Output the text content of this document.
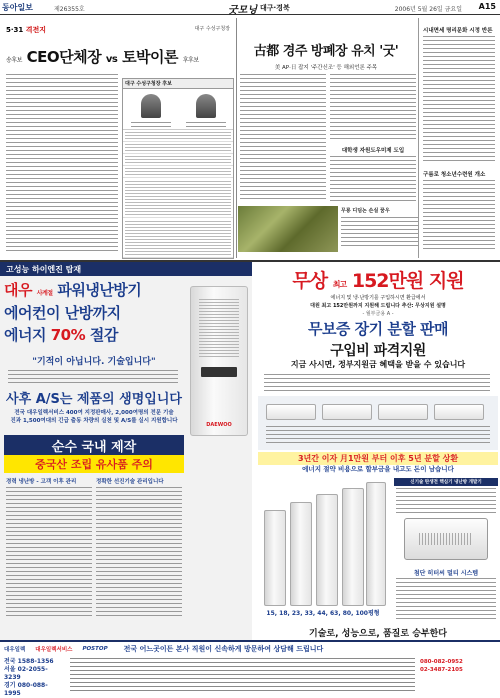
동아일보	제26355호	굿모닝 대구·경북	2006년 5월 26일 금요일 A15
5·31 격전지	대구 수성구청장
송후보 CEO단체장 vs 토박이론 후후보
대구 수성구청장 후보
古都 경주 방폐장 유치 '굿'
美 AP·日 잡지 '주간신조' 등 해외언론 주목
대학생 자원도우미제 도입
무릉 디딤논 손실 꿈우
시내면세 명리문화 시정 반론
구름로 청소년수련원 개소
고성능 하이엔진 탑재
대우 사계절 파워냉난방기
에어컨이 난방까지
에너지 70% 절감
"기적이 아닙니다. 기술입니다"
사후 A/S는 제품의 생명입니다
전국 대우일렉서비스 400여 지정판매사, 2,000여명의 전문 기술
진과 1,500여대의 긴급 출동 차량의 실천 및 A/S를 실시 지원합니다
순수 국내 제작
중국산 조립 유사품 주의
경력 냉난방 - 고객 이후 관리	정확한 선진기술 관리입니다
DAEWOO
무상 최고 152만원 지원
에너지 및 냉·난방기를 구입하시면 환급에서
대원 최고 152만원까지 지원해 드립니다 추산: 무상지원 설명
- 월부금용 A -
무보증 장기 분할 판매
구입비 파격지원
지금 사시면, 정부지원금 혜택을 받을 수 있습니다
3년간 이자 月1만원 부터 이후 5년 분할 상환
에너지 절약 비용으로 할부금을 내고도 돈이 남습니다
15, 18, 23, 33, 44, 63, 80, 100평형
신기술 탄생전 핵심기 냉난방 개발기
첨단 히터씨 멀티 시스템
기술로, 성능으로, 품질로 승부한다
대우일렉 대우일렉서비스 POSTOP 전국 어느곳이든 본사 직원이 신속하게 방문하여 상담해 드립니다
전국 1588-1356
서울 02-2055-3239
경기 080-088-1995
080-082-0952
02-3487-2105
